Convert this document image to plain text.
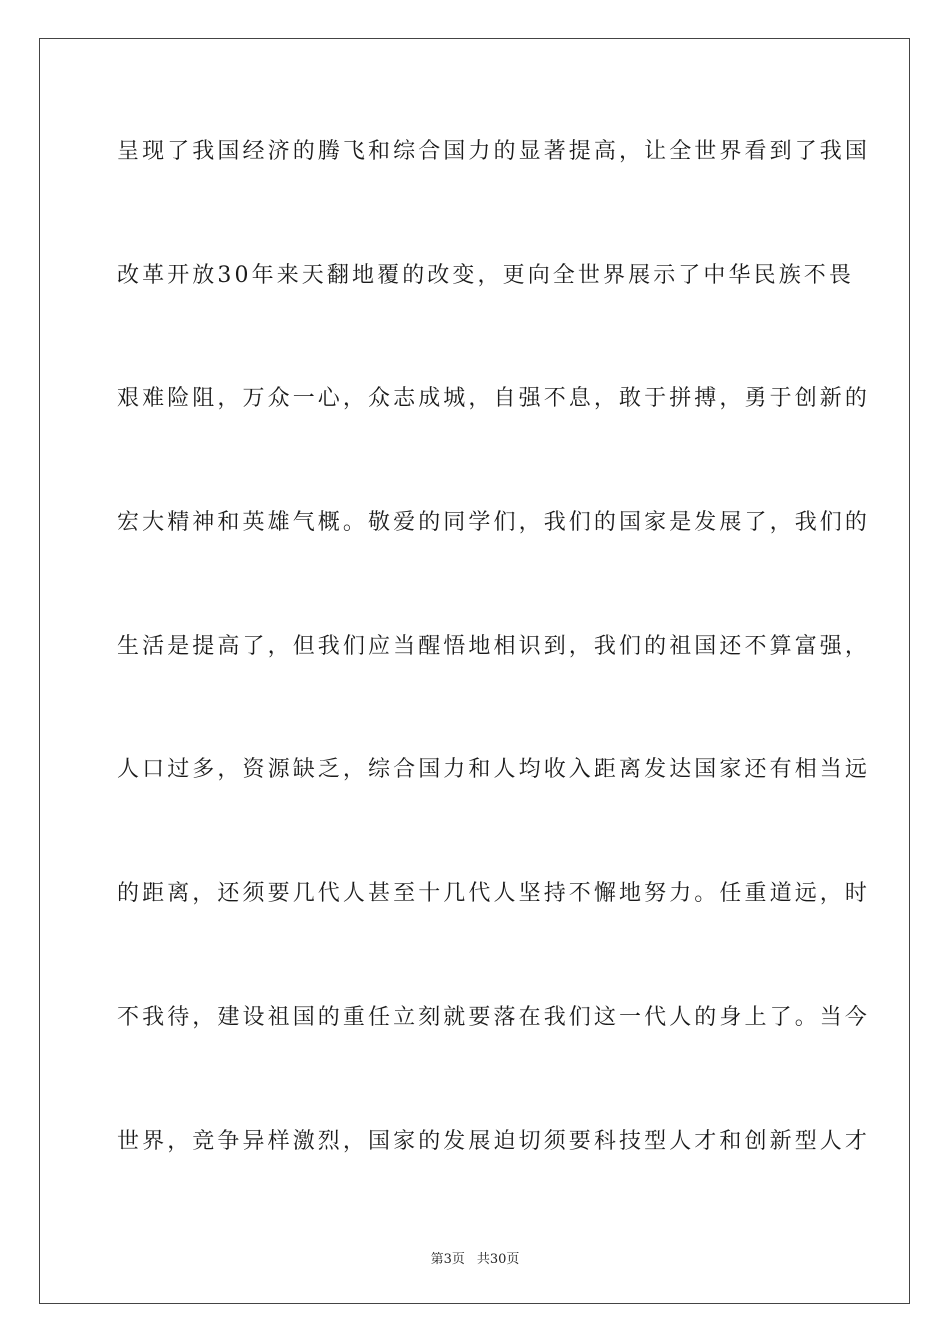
呈现了我国经济的腾飞和综合国力的显著提高，让全世界看到了我国
改革开放30年来天翻地覆的改变，更向全世界展示了中华民族不畏
艰难险阻，万众一心，众志成城，自强不息，敢于拼搏，勇于创新的
宏大精神和英雄气概。敬爱的同学们，我们的国家是发展了，我们的
生活是提高了，但我们应当醒悟地相识到，我们的祖国还不算富强，
人口过多，资源缺乏，综合国力和人均收入距离发达国家还有相当远
的距离，还须要几代人甚至十几代人坚持不懈地努力。任重道远，时
不我待，建设祖国的重任立刻就要落在我们这一代人的身上了。当今
世界，竞争异样激烈，国家的发展迫切须要科技型人才和创新型人才
第3页 共30页
